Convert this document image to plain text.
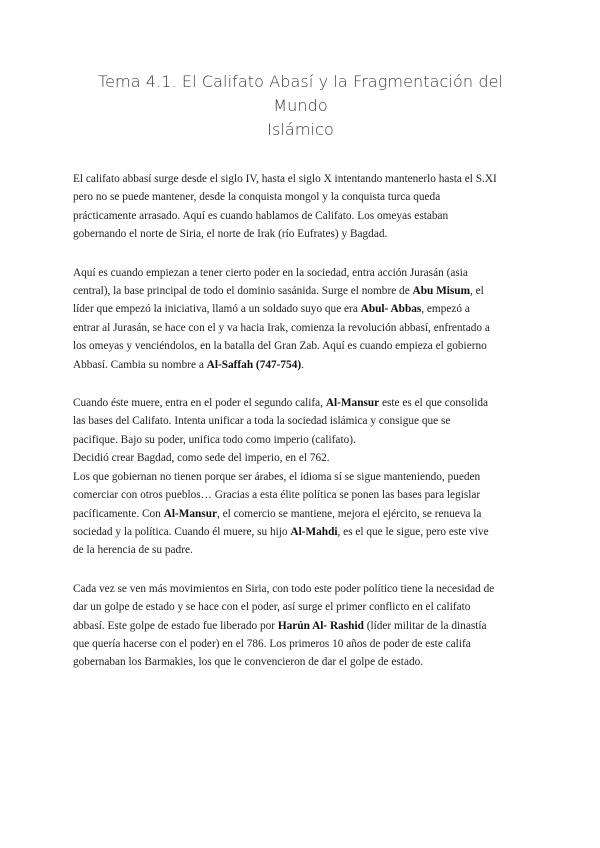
Tema 4.1. El Califato Abasí y la Fragmentación del Mundo
Islámico

El califato abbasí surge desde el siglo IV, hasta el siglo X intentando mantenerlo hasta el S.XI
pero no se puede mantener, desde la conquista mongol y la conquista turca queda
prácticamente arrasado. Aquí es cuando hablamos de Califato. Los omeyas estaban
gobernando el norte de Siria, el norte de Irak (río Eufrates) y Bagdad.

Aquí es cuando empiezan a tener cierto poder en la sociedad, entra acción Jurasán (asia
central), la base principal de todo el dominio sasánida. Surge el nombre de Abu Misum, el
líder que empezó la iniciativa, llamó a un soldado suyo que era Abul- Abbas, empezó a
entrar al Jurasán, se hace con el y va hacia Irak, comienza la revolución abbasí, enfrentado a
los omeyas y venciéndolos, en la batalla del Gran Zab. Aquí es cuando empieza el gobierno
Abbasí. Cambia su nombre a Al-Saffah (747-754).

Cuando éste muere, entra en el poder el segundo califa, Al-Mansur este es el que consolida
las bases del Califato. Intenta unificar a toda la sociedad islámica y consigue que se
pacifique. Bajo su poder, unifica todo como imperio (califato).
Decidió crear Bagdad, como sede del imperio, en el 762.
Los que gobiernan no tienen porque ser árabes, el idioma sí se sigue manteniendo, pueden
comerciar con otros pueblos… Gracias a esta élite política se ponen las bases para legislar
pacíficamente. Con Al-Mansur, el comercio se mantiene, mejora el ejército, se renueva la
sociedad y la política. Cuando él muere, su hijo Al-Mahdi, es el que le sigue, pero este vive
de la herencia de su padre.

Cada vez se ven más movimientos en Siria, con todo este poder político tiene la necesidad de
dar un golpe de estado y se hace con el poder, así surge el primer conflicto en el califato
abbasí. Este golpe de estado fue liberado por Harún Al- Rashid (líder militar de la dinastía
que quería hacerse con el poder) en el 786. Los primeros 10 años de poder de este califa
gobernaban los Barmakies, los que le convencieron de dar el golpe de estado.
